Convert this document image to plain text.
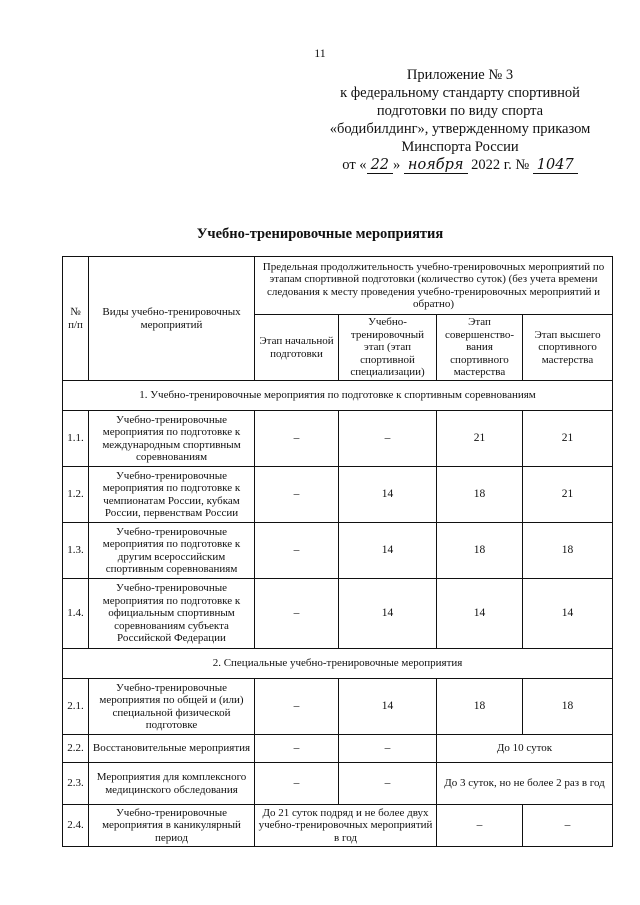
11
Приложение № 3
к федеральному стандарту спортивной
подготовки по виду спорта
«бодибилдинг», утвержденному приказом
Минспорта России
от « 22 » ноября 2022 г. № 1047
Учебно-тренировочные мероприятия
№ п/п	Виды учебно-тренировочных мероприятий	Предельная продолжительность учебно-тренировочных мероприятий по этапам спортивной подготовки (количество суток) (без учета времени следования к месту проведения учебно-тренировочных мероприятий и обратно)			
		Этап начальной подготовки	Учебно-тренировочный этап (этап спортивной специализации)	Этап совершенство-вания спортивного мастерства	Этап высшего спортивного мастерства
1. Учебно-тренировочные мероприятия по подготовке к спортивным соревнованиям					
1.1.	Учебно-тренировочные мероприятия по подготовке к международным спортивным соревнованиям	–	–	21	21
1.2.	Учебно-тренировочные мероприятия по подготовке к чемпионатам России, кубкам России, первенствам России	–	14	18	21
1.3.	Учебно-тренировочные мероприятия по подготовке к другим всероссийским спортивным соревнованиям	–	14	18	18
1.4.	Учебно-тренировочные мероприятия по подготовке к официальным спортивным соревнованиям субъекта Российской Федерации	–	14	14	14
2. Специальные учебно-тренировочные мероприятия					
2.1.	Учебно-тренировочные мероприятия по общей и (или) специальной физической подготовке	–	14	18	18
2.2.	Восстановительные мероприятия	–	–	До 10 суток	
2.3.	Мероприятия для комплексного медицинского обследования	–	–	До 3 суток, но не более 2 раз в год	
2.4.	Учебно-тренировочные мероприятия в каникулярный период	До 21 суток подряд и не более двух учебно-тренировочных мероприятий в год		–	–
